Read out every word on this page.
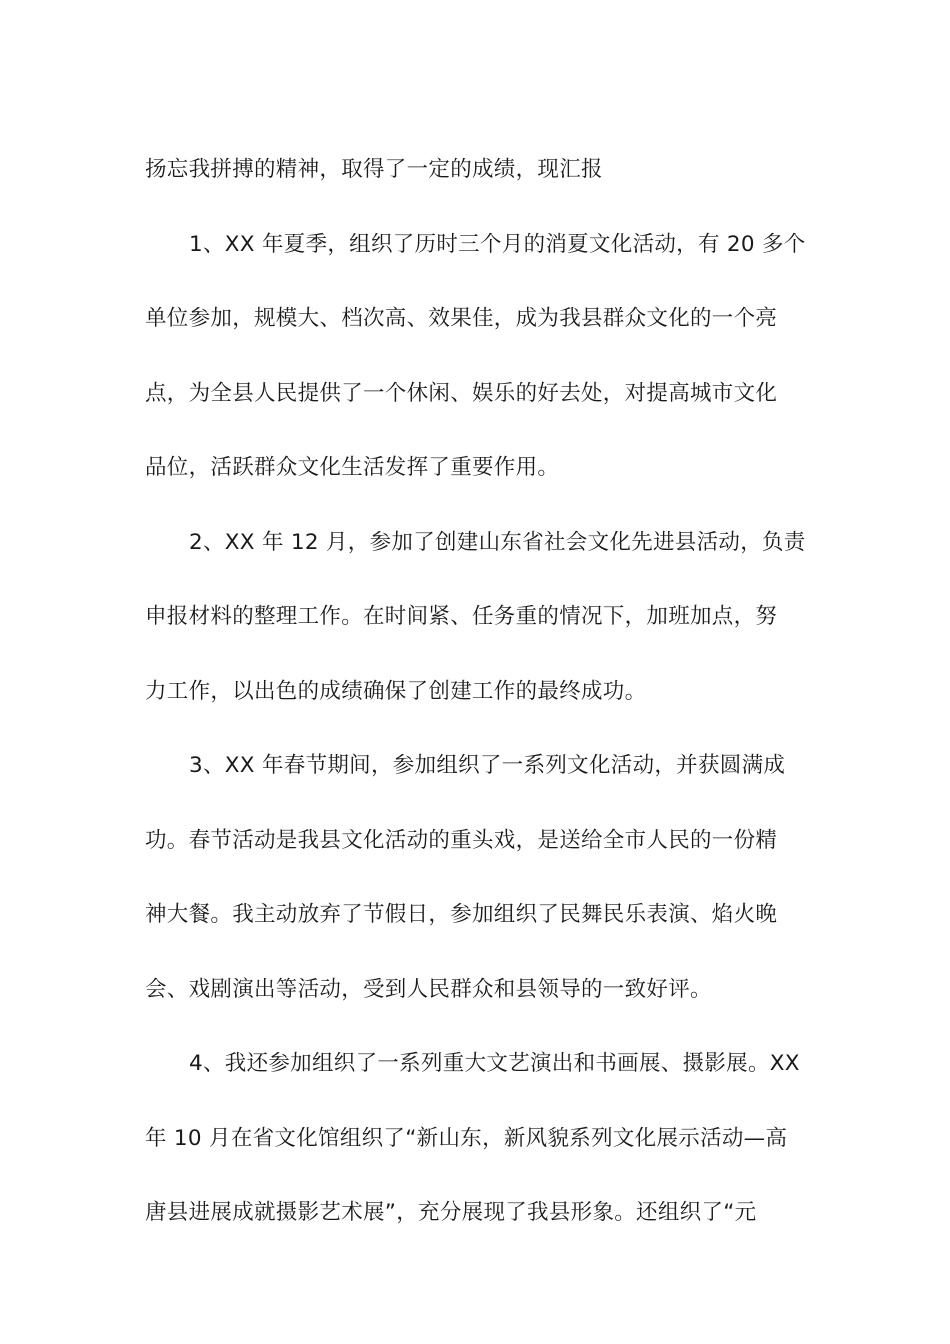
扬忘我拼搏的精神，取得了一定的成绩，现汇报
1、XX 年夏季，组织了历时三个月的消夏文化活动，有 20 多个
单位参加，规模大、档次高、效果佳，成为我县群众文化的一个亮
点，为全县人民提供了一个休闲、娱乐的好去处，对提高城市文化
品位，活跃群众文化生活发挥了重要作用。
2、XX 年 12 月，参加了创建山东省社会文化先进县活动，负责
申报材料的整理工作。在时间紧、任务重的情况下，加班加点，努
力工作，以出色的成绩确保了创建工作的最终成功。
3、XX 年春节期间，参加组织了一系列文化活动，并获圆满成
功。春节活动是我县文化活动的重头戏，是送给全市人民的一份精
神大餐。我主动放弃了节假日，参加组织了民舞民乐表演、焰火晚
会、戏剧演出等活动，受到人民群众和县领导的一致好评。
4、我还参加组织了一系列重大文艺演出和书画展、摄影展。XX
年 10 月在省文化馆组织了“新山东，新风貌系列文化展示活动—高
唐县进展成就摄影艺术展”，充分展现了我县形象。还组织了“元
